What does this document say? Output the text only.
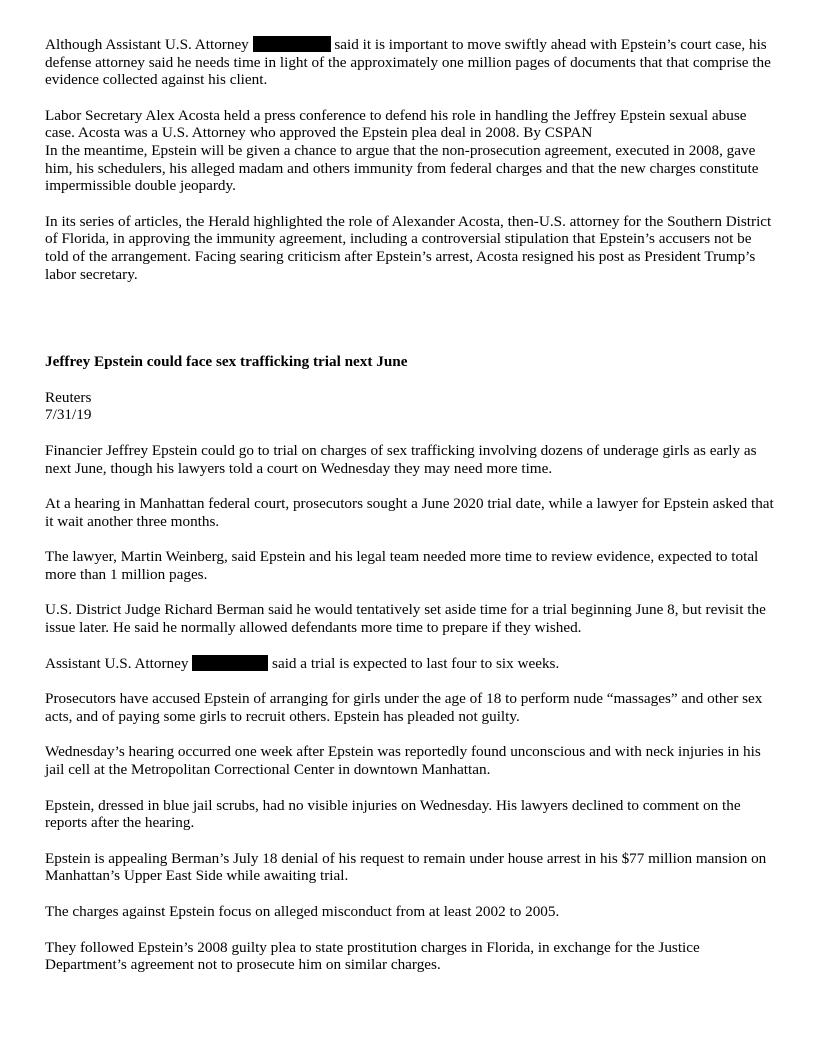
Although Assistant U.S. Attorney	said it is important to move swiftly ahead with Epstein’s court case, his defense attorney said he needs time in light of the approximately one million pages of documents that that comprise the evidence collected against his client.

Labor Secretary Alex Acosta held a press conference to defend his role in handling the Jeffrey Epstein sexual abuse case. Acosta was a U.S. Attorney who approved the Epstein plea deal in 2008. By CSPAN
In the meantime, Epstein will be given a chance to argue that the non-prosecution agreement, executed in 2008, gave him, his schedulers, his alleged madam and others immunity from federal charges and that the new charges constitute impermissible double jeopardy.

In its series of articles, the Herald highlighted the role of Alexander Acosta, then-U.S. attorney for the Southern District of Florida, in approving the immunity agreement, including a controversial stipulation that Epstein’s accusers not be told of the arrangement. Facing searing criticism after Epstein’s arrest, Acosta resigned his post as President Trump’s labor secretary.

Jeffrey Epstein could face sex trafficking trial next June

Reuters
7/31/19

Financier Jeffrey Epstein could go to trial on charges of sex trafficking involving dozens of underage girls as early as next June, though his lawyers told a court on Wednesday they may need more time.

At a hearing in Manhattan federal court, prosecutors sought a June 2020 trial date, while a lawyer for Epstein asked that it wait another three months.

The lawyer, Martin Weinberg, said Epstein and his legal team needed more time to review evidence, expected to total more than 1 million pages.

U.S. District Judge Richard Berman said he would tentatively set aside time for a trial beginning June 8, but revisit the issue later. He said he normally allowed defendants more time to prepare if they wished.

Assistant U.S. Attorney	said a trial is expected to last four to six weeks.

Prosecutors have accused Epstein of arranging for girls under the age of 18 to perform nude “massages” and other sex acts, and of paying some girls to recruit others. Epstein has pleaded not guilty.

Wednesday’s hearing occurred one week after Epstein was reportedly found unconscious and with neck injuries in his jail cell at the Metropolitan Correctional Center in downtown Manhattan.

Epstein, dressed in blue jail scrubs, had no visible injuries on Wednesday. His lawyers declined to comment on the reports after the hearing.

Epstein is appealing Berman’s July 18 denial of his request to remain under house arrest in his $77 million mansion on Manhattan’s Upper East Side while awaiting trial.

The charges against Epstein focus on alleged misconduct from at least 2002 to 2005.

They followed Epstein’s 2008 guilty plea to state prostitution charges in Florida, in exchange for the Justice Department’s agreement not to prosecute him on similar charges.
